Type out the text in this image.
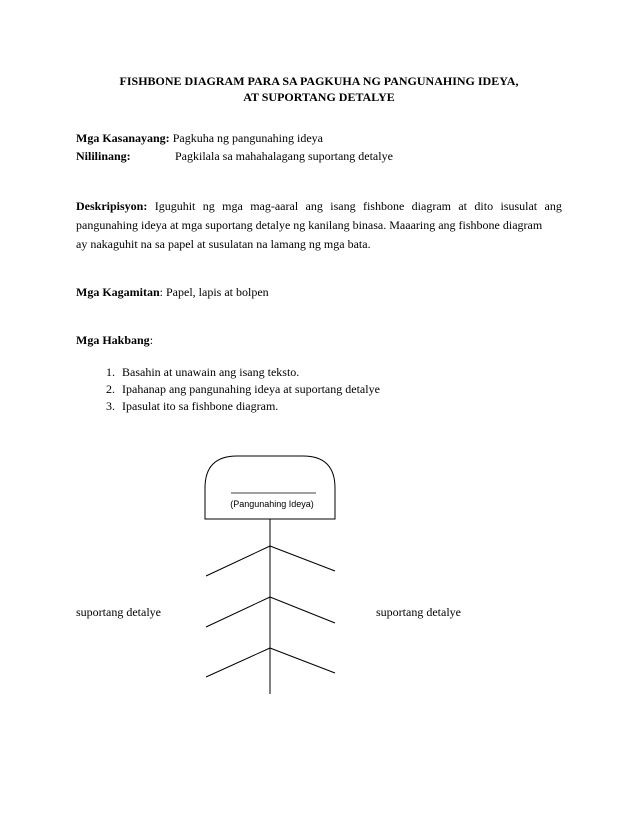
FISHBONE DIAGRAM PARA SA PAGKUHA NG PANGUNAHING IDEYA,
AT SUPORTANG DETALYE
Mga Kasanayang: Pagkuha ng pangunahing ideya
Nililinang:	Pagkilala sa mahahalagang suportang detalye
Deskripisyon: Iguguhit ng mga mag-aaral ang isang fishbone diagram at dito isusulat ang
pangunahing ideya at mga suportang detalye ng kanilang binasa. Maaaring ang fishbone diagram
ay nakaguhit na sa papel at susulatan na lamang ng mga bata.
Mga Kagamitan: Papel, lapis at bolpen
Mga Hakbang:
1. Basahin at unawain ang isang teksto.
2. Ipahanap ang pangunahing ideya at suportang detalye
3. Ipasulat ito sa fishbone diagram.
(Pangunahing Ideya)
suportang detalye	suportang detalye
